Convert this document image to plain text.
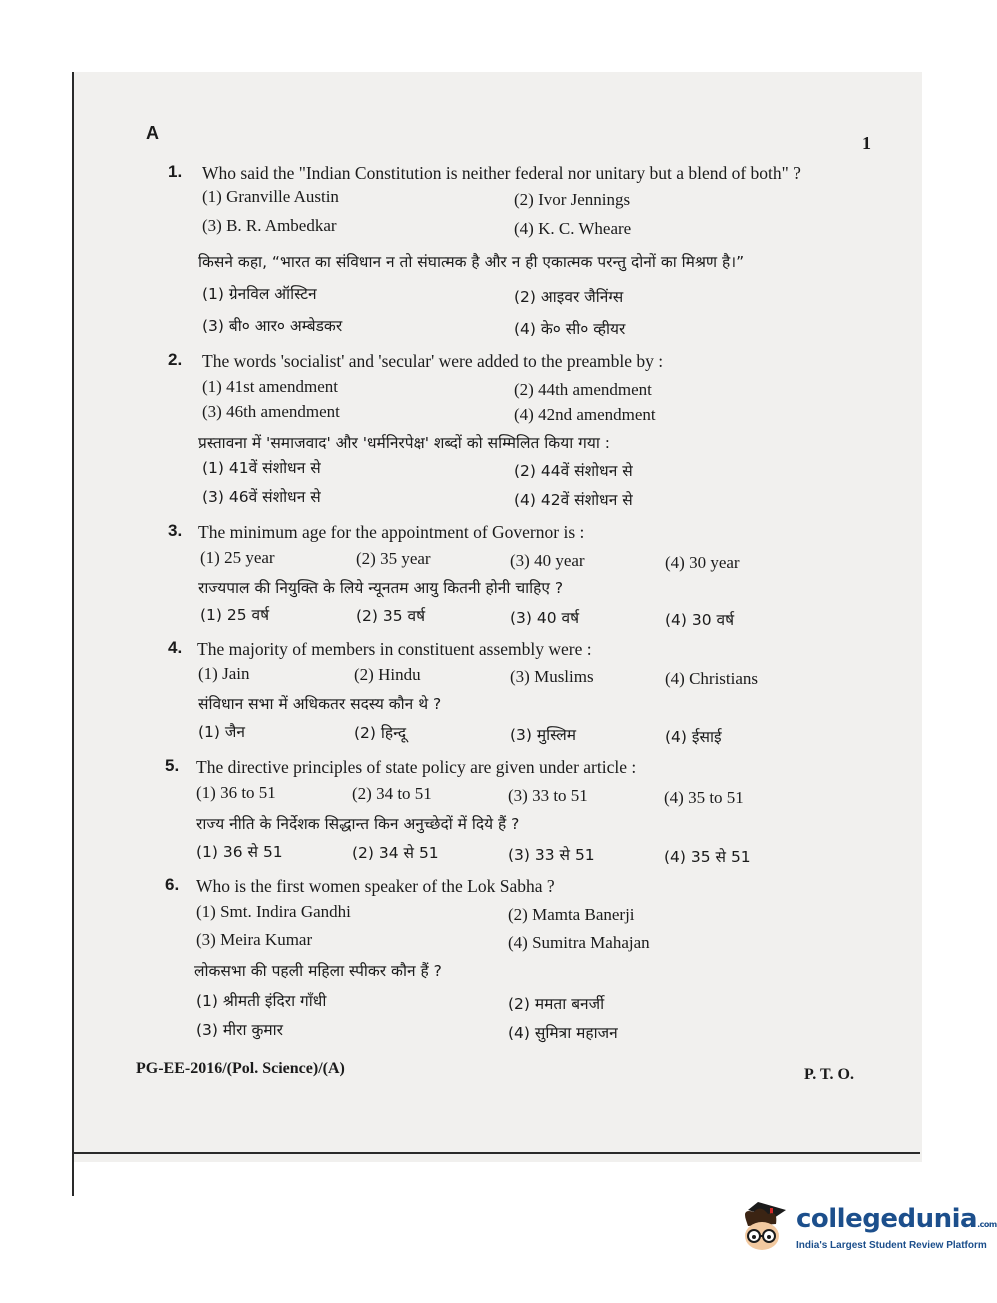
A	1
1. Who said the "Indian Constitution is neither federal nor unitary but a blend of both" ?
(1) Granville Austin	(2) Ivor Jennings
(3) B. R. Ambedkar	(4) K. C. Wheare
किसने कहा, “भारत का संविधान न तो संघात्मक है और न ही एकात्मक परन्तु दोनों का मिश्रण है।”
(1) ग्रेनविल ऑस्टिन	(2) आइवर जैनिंग्स
(3) बी० आर० अम्बेडकर	(4) के० सी० व्हीयर
2. The words 'socialist' and 'secular' were added to the preamble by :
(1) 41st amendment	(2) 44th amendment
(3) 46th amendment	(4) 42nd amendment
प्रस्तावना में 'समाजवाद' और 'धर्मनिरपेक्ष' शब्दों को सम्मिलित किया गया :
(1) 41वें संशोधन से	(2) 44वें संशोधन से
(3) 46वें संशोधन से	(4) 42वें संशोधन से
3. The minimum age for the appointment of Governor is :
(1) 25 year	(2) 35 year	(3) 40 year	(4) 30 year
राज्यपाल की नियुक्ति के लिये न्यूनतम आयु कितनी होनी चाहिए ?
(1) 25 वर्ष	(2) 35 वर्ष	(3) 40 वर्ष	(4) 30 वर्ष
4. The majority of members in constituent assembly were :
(1) Jain	(2) Hindu	(3) Muslims	(4) Christians
संविधान सभा में अधिकतर सदस्य कौन थे ?
(1) जैन	(2) हिन्दू	(3) मुस्लिम	(4) ईसाई
5. The directive principles of state policy are given under article :
(1) 36 to 51	(2) 34 to 51	(3) 33 to 51	(4) 35 to 51
राज्य नीति के निर्देशक सिद्धान्त किन अनुच्छेदों में दिये हैं ?
(1) 36 से 51	(2) 34 से 51	(3) 33 से 51	(4) 35 से 51
6. Who is the first women speaker of the Lok Sabha ?
(1) Smt. Indira Gandhi	(2) Mamta Banerji
(3) Meira Kumar	(4) Sumitra Mahajan
लोकसभा की पहली महिला स्पीकर कौन हैं ?
(1) श्रीमती इंदिरा गाँधी	(2) ममता बनर्जी
(3) मीरा कुमार	(4) सुमित्रा महाजन
PG-EE-2016/(Pol. Science)/(A)	P. T. O.
collegedunia.com
India's Largest Student Review Platform
